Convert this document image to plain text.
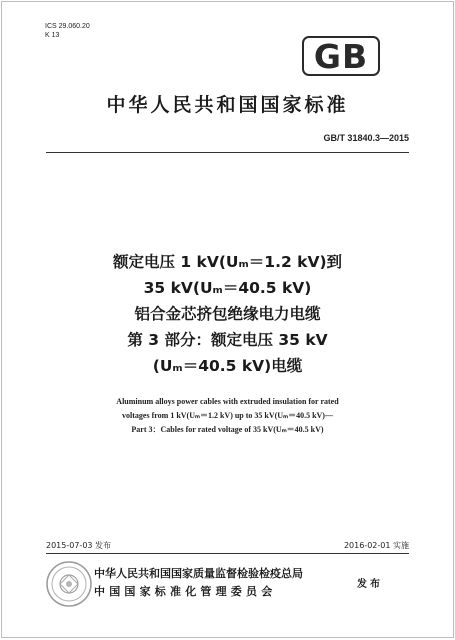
ICS 29.060.20
K 13
GB
中华人民共和国国家标准
GB/T 31840.3—2015
额定电压 1 kV(Uₘ＝1.2 kV)到
35 kV(Uₘ＝40.5 kV)
铝合金芯挤包绝缘电力电缆
第 3 部分：额定电压 35 kV
(Uₘ＝40.5 kV)电缆
Aluminum alloys power cables with extruded insulation for rated
voltages from 1 kV(Uₘ＝1.2 kV) up to 35 kV(Uₘ＝40.5 kV)—
Part 3：Cables for rated voltage of 35 kV(Uₘ＝40.5 kV)
2015-07-03 发布	2016-02-01 实施
中华人民共和国国家质量监督检验检疫总局
中国国家标准化管理委员会
发布
